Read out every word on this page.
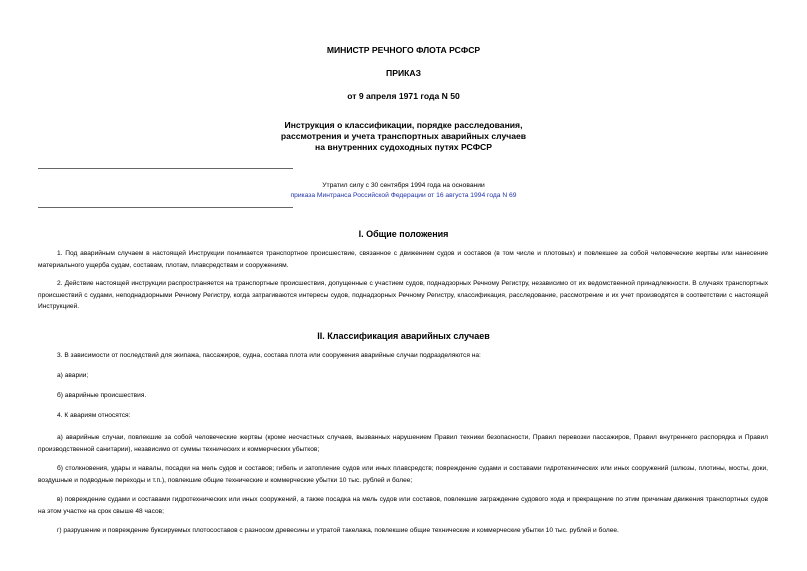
МИНИСТР РЕЧНОГО ФЛОТА РСФСР
ПРИКАЗ
от 9 апреля 1971 года N 50
Инструкция о классификации, порядке расследования,
рассмотрения и учета транспортных аварийных случаев
на внутренних судоходных путях РСФСР
Утратил силу с 30 сентября 1994 года на основании
приказа Минтранса Российской Федерации от 16 августа 1994 года N 69
I. Общие положения
1. Под аварийным случаем в настоящей Инструкции понимается транспортное происшествие, связанное с движением судов и составов (в том числе и плотовых) и повлекшее за собой человеческие жертвы или нанесение материального ущерба судам, составам, плотам, плавсредствам и сооружениям.
2. Действие настоящей инструкции распространяется на транспортные происшествия, допущенные с участием судов, поднадзорных Речному Регистру, независимо от их ведомственной принадлежности. В случаях транспортных происшествий с судами, неподнадзорными Речному Регистру, когда затрагиваются интересы судов, поднадзорных Речному Регистру, классификация, расследование, рассмотрение и их учет производятся в соответствии с настоящей Инструкцией.
II. Классификация аварийных случаев
3. В зависимости от последствий для экипажа, пассажиров, судна, состава плота или сооружения аварийные случаи подразделяются на:
а) аварии;
б) аварийные происшествия.
4. К авариям относятся:
а) аварийные случаи, повлекшие за собой человеческие жертвы (кроме несчастных случаев, вызванных нарушением Правил техники безопасности, Правил перевозки пассажиров, Правил внутреннего распорядка и Правил производственной санитарии), независимо от суммы технических и коммерческих убытков;
б) столкновения, удары и навалы, посадки на мель судов и составов; гибель и затопление судов или иных плавсредств; повреждение судами и составами гидротехнических или иных сооружений (шлюзы, плотины, мосты, доки, воздушные и подводные переходы и т.п.), повлекшие общие технические и коммерческие убытки 10 тыс. рублей и более;
в) повреждение судами и составами гидротехнических или иных сооружений, а также посадка на мель судов или составов, повлекшие заграждение судового хода и прекращение по этим причинам движения транспортных судов на этом участке на срок свыше 48 часов;
г) разрушение и повреждение буксируемых плотосоставов с разносом древесины и утратой такелажа, повлекшие общие технические и коммерческие убытки 10 тыс. рублей и более.
